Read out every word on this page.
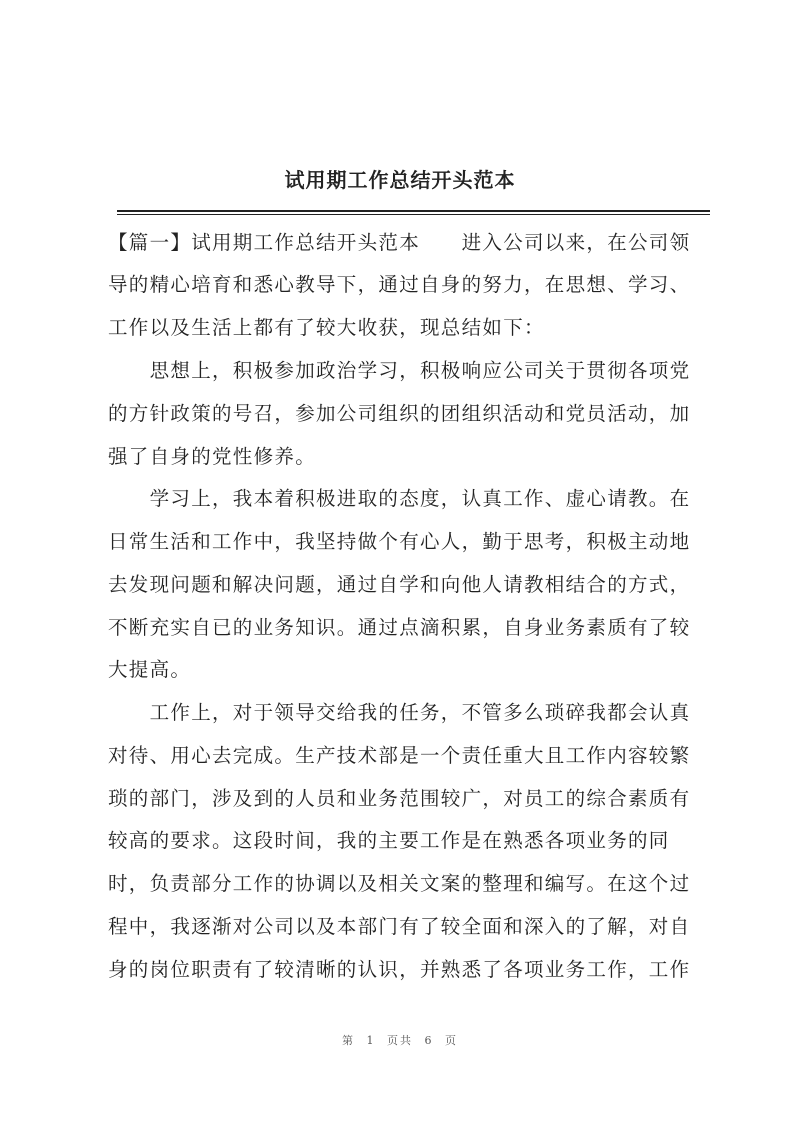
试用期工作总结开头范本
【篇一】试用期工作总结开头范本　　进入公司以来，在公司领
导的精心培育和悉心教导下，通过自身的努力，在思想、学习、
工作以及生活上都有了较大收获，现总结如下：
　　思想上，积极参加政治学习，积极响应公司关于贯彻各项党
的方针政策的号召，参加公司组织的团组织活动和党员活动，加
强了自身的党性修养。
　　学习上，我本着积极进取的态度，认真工作、虚心请教。在
日常生活和工作中，我坚持做个有心人，勤于思考，积极主动地
去发现问题和解决问题，通过自学和向他人请教相结合的方式，
不断充实自已的业务知识。通过点滴积累，自身业务素质有了较
大提高。
　　工作上，对于领导交给我的任务，不管多么琐碎我都会认真
对待、用心去完成。生产技术部是一个责任重大且工作内容较繁
琐的部门，涉及到的人员和业务范围较广，对员工的综合素质有
较高的要求。这段时间，我的主要工作是在熟悉各项业务的同
时，负责部分工作的协调以及相关文案的整理和编写。在这个过
程中，我逐渐对公司以及本部门有了较全面和深入的了解，对自
身的岗位职责有了较清晰的认识，并熟悉了各项业务工作，工作
第 1 页共 6 页
